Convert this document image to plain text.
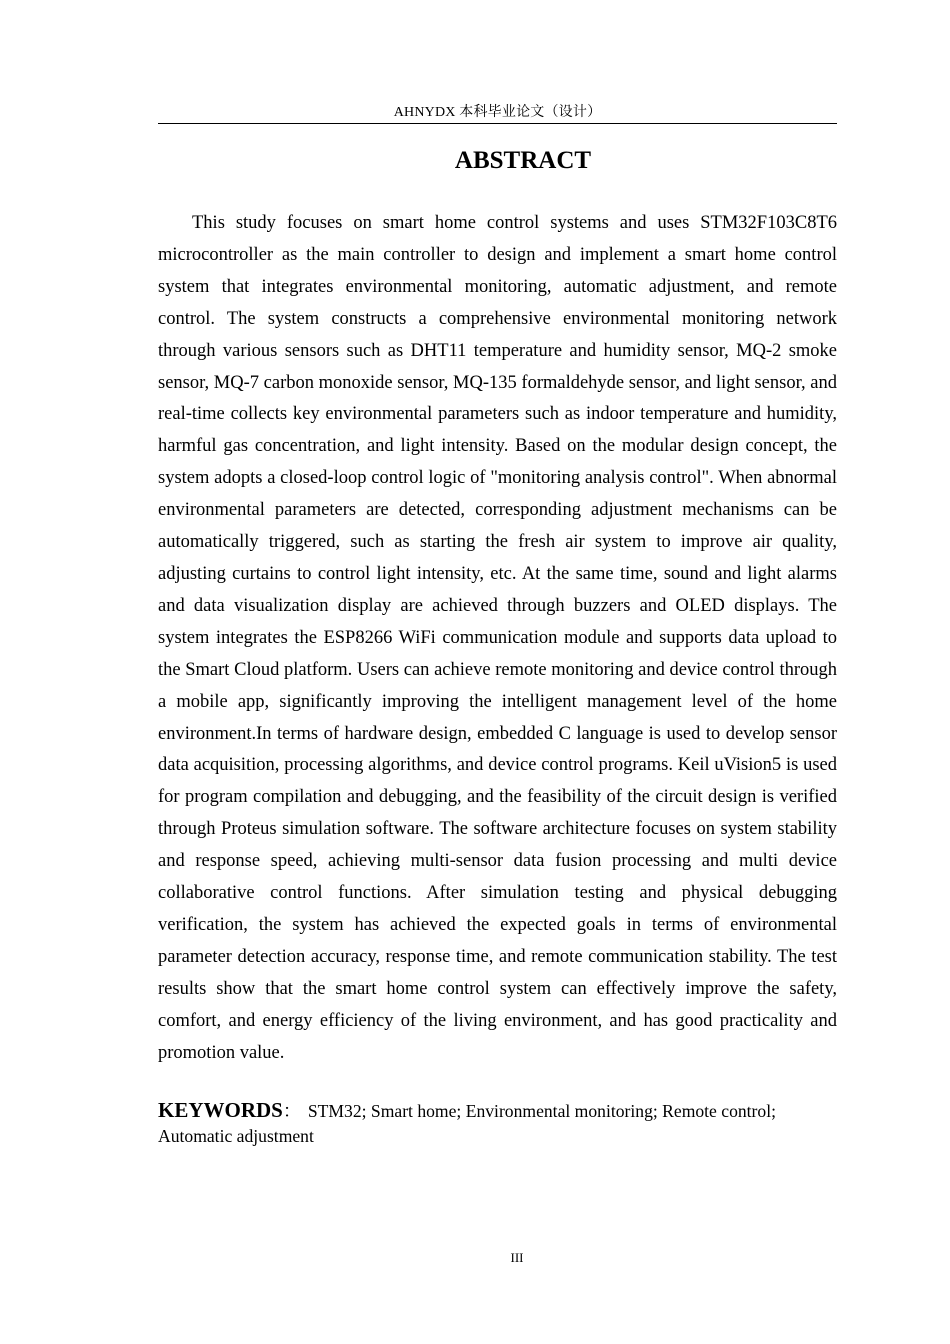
AHNYDX 本科毕业论文（设计）
ABSTRACT

This study focuses on smart home control systems and uses STM32F103C8T6 microcontroller as the main controller to design and implement a smart home control system that integrates environmental monitoring, automatic adjustment, and remote control. The system constructs a comprehensive environmental monitoring network through various sensors such as DHT11 temperature and humidity sensor, MQ-2 smoke sensor, MQ-7 carbon monoxide sensor, MQ-135 formaldehyde sensor, and light sensor, and real-time collects key environmental parameters such as indoor temperature and humidity, harmful gas concentration, and light intensity. Based on the modular design concept, the system adopts a closed-loop control logic of "monitoring analysis control". When abnormal environmental parameters are detected, corresponding adjustment mechanisms can be automatically triggered, such as starting the fresh air system to improve air quality, adjusting curtains to control light intensity, etc. At the same time, sound and light alarms and data visualization display are achieved through buzzers and OLED displays. The system integrates the ESP8266 WiFi communication module and supports data upload to the Smart Cloud platform. Users can achieve remote monitoring and device control through a mobile app, significantly improving the intelligent management level of the home environment.In terms of hardware design, embedded C language is used to develop sensor data acquisition, processing algorithms, and device control programs. Keil uVision5 is used for program compilation and debugging, and the feasibility of the circuit design is verified through Proteus simulation software. The software architecture focuses on system stability and response speed, achieving multi-sensor data fusion processing and multi device collaborative control functions. After simulation testing and physical debugging verification, the system has achieved the expected goals in terms of environmental parameter detection accuracy, response time, and remote communication stability. The test results show that the smart home control system can effectively improve the safety, comfort, and energy efficiency of the living environment, and has good practicality and promotion value.

KEYWORDS： STM32; Smart home; Environmental monitoring; Remote control; Automatic adjustment
III
